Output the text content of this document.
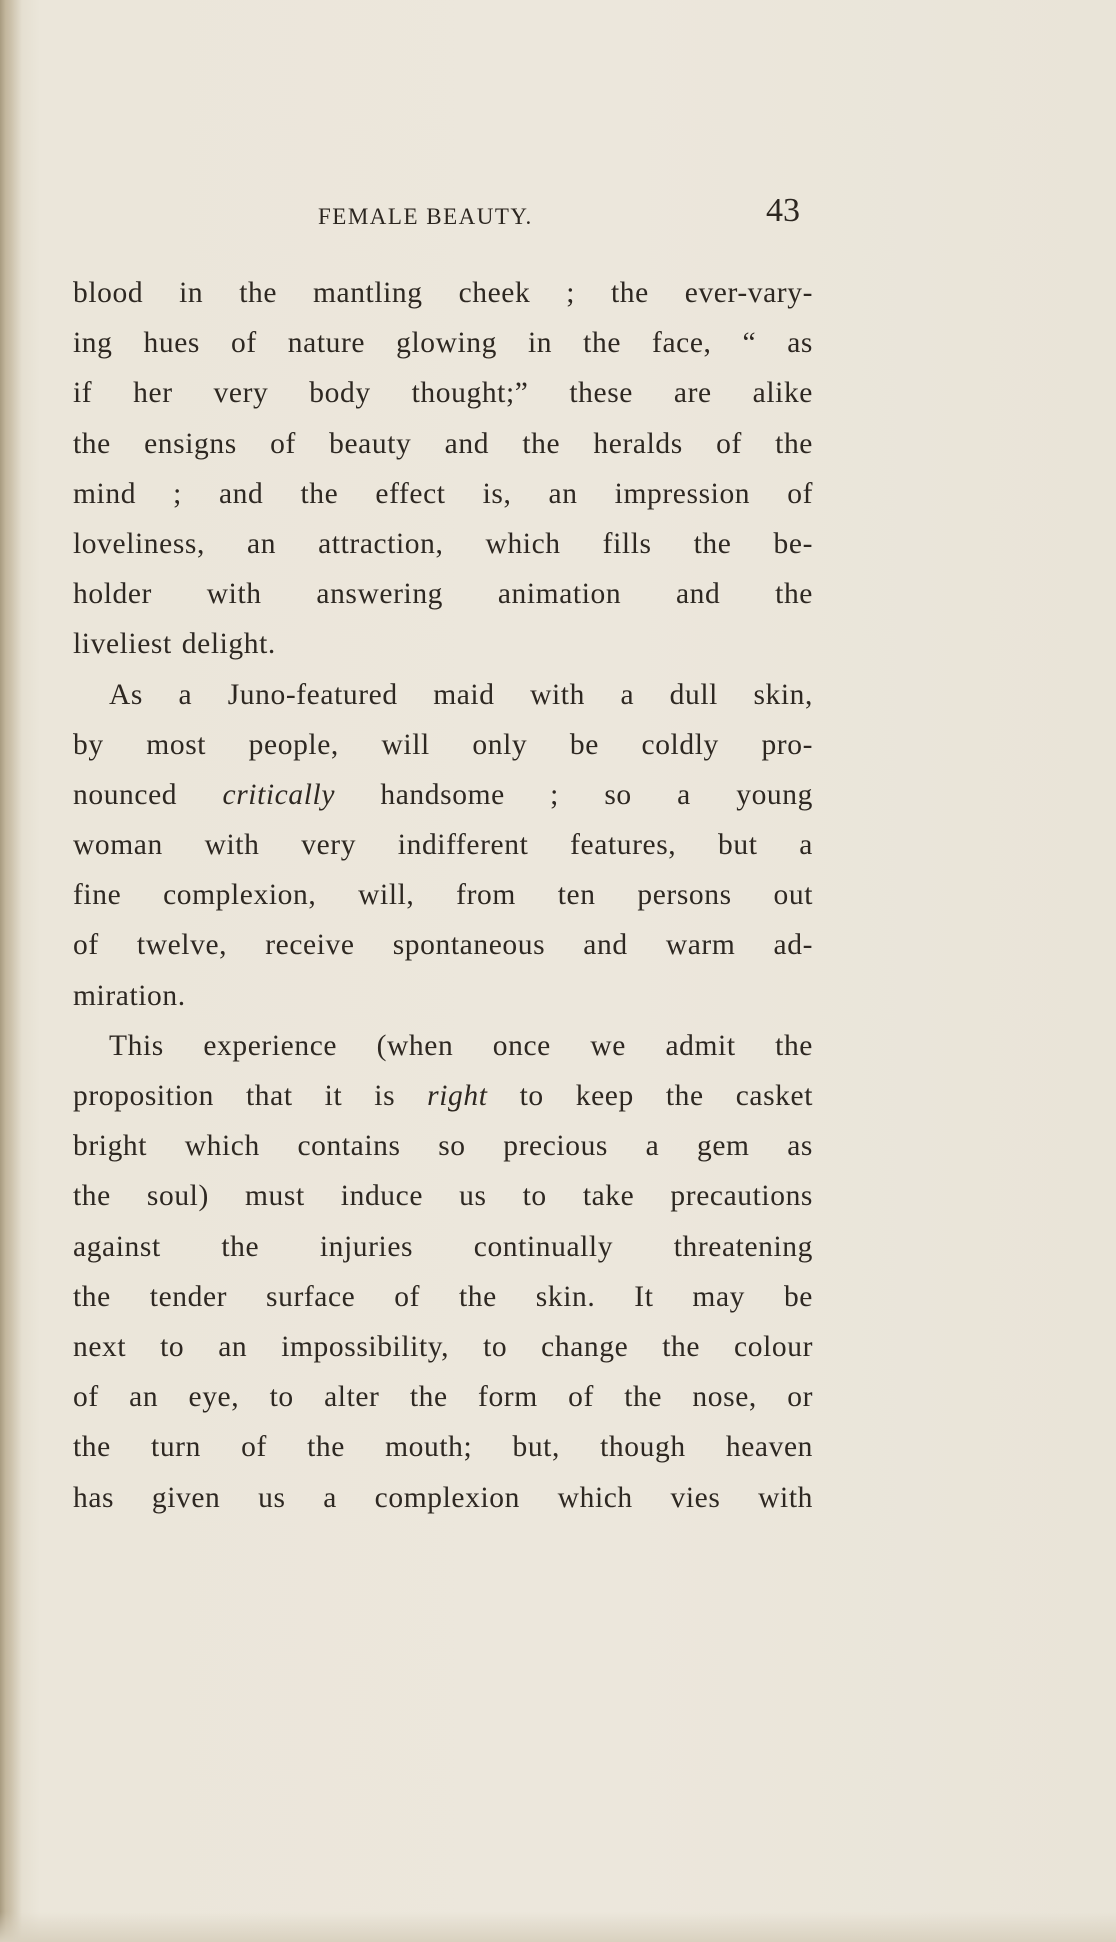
FEMALE BEAUTY.	43
blood in the mantling cheek ; the ever-vary-
ing hues of nature glowing in the face, “ as
if her very body thought;” these are alike
the ensigns of beauty and the heralds of the
mind ; and the effect is, an impression of
loveliness, an attraction, which fills the be-
holder with answering animation and the
liveliest delight.
As a Juno-featured maid with a dull skin,
by most people, will only be coldly pro-
nounced critically handsome ; so a young
woman with very indifferent features, but a
fine complexion, will, from ten persons out
of twelve, receive spontaneous and warm ad-
miration.
This experience (when once we admit the
proposition that it is right to keep the casket
bright which contains so precious a gem as
the soul) must induce us to take precautions
against the injuries continually threatening
the tender surface of the skin. It may be
next to an impossibility, to change the colour
of an eye, to alter the form of the nose, or
the turn of the mouth; but, though heaven
has given us a complexion which vies with
